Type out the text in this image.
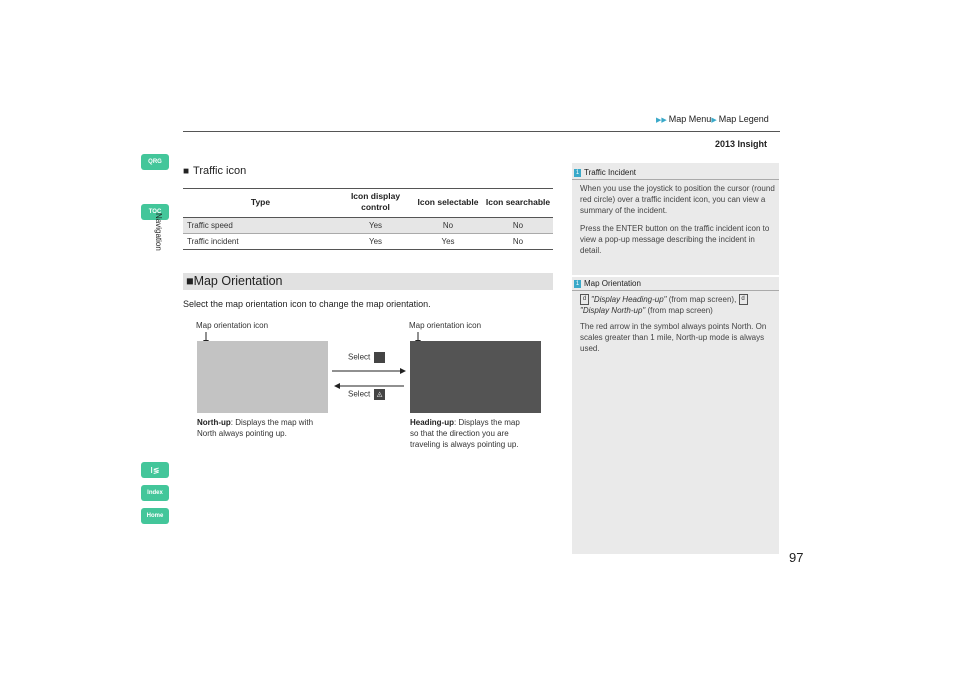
▶▶ Map Menu▶ Map Legend
2013 Insight
QRG
TOC
Navigation
ǀ≶
Index
Home
■ Traffic icon
Type	Icon display control	Icon selectable	Icon searchable
Traffic speed	Yes	No	No
Traffic incident	Yes	Yes	No
■Map Orientation
Select the map orientation icon to change the map orientation.
Map orientation icon	Map orientation icon
Select
Select ◬
North-up: Displays the map with
North always pointing up.
Heading-up: Displays the map
so that the direction you are
traveling is always pointing up.
1 Traffic Incident

When you use the joystick to position the cursor (round red circle) over a traffic incident icon, you can view a summary of the incident.

Press the ENTER button on the traffic incident icon to view a pop-up message describing the incident in detail.

1 Map Orientation

d "Display Heading-up" (from map screen), d
"Display North-up" (from map screen)

The red arrow in the symbol always points North. On scales greater than 1 mile, North-up mode is always used.

97
